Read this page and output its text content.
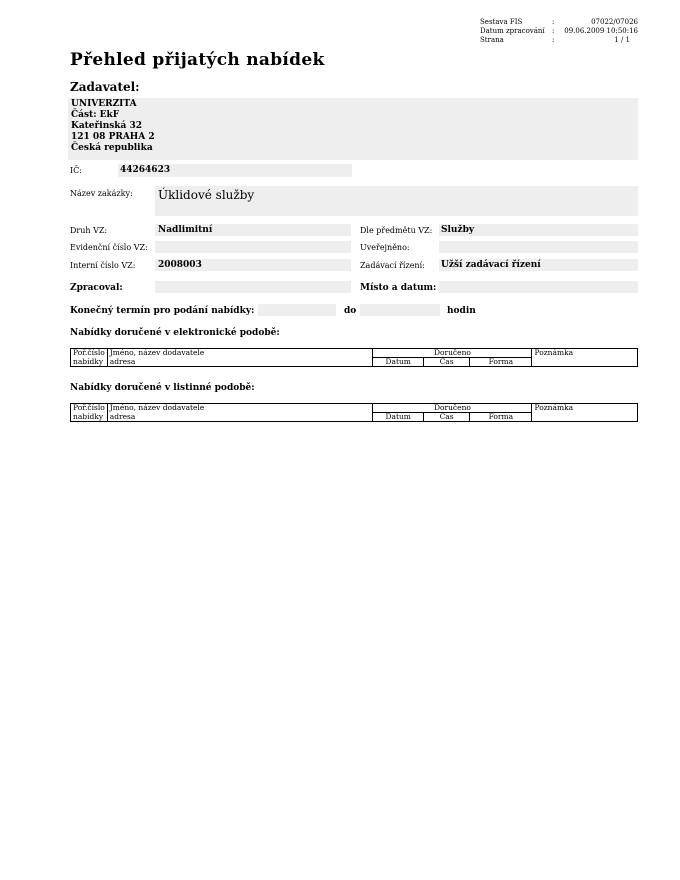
Sestava FIS	:	07022/07026
Datum zpracování : 09.06.2009 10:50:16
Strana	:	1 / 1
Přehled přijatých nabídek
Zadavatel:
UNIVERZITA
Část: EkF
Kateřinská 32
121 08 PRAHA 2
Česká republika
IČ:	44264623
Název zakázky: Úklidové služby
Druh VZ:	Nadlimitní	Dle předmětu VZ: Služby
Evidenční číslo VZ:	Uveřejněno:
Interní číslo VZ:	2008003	Zadávací řízení: Užší zadávací řízení
Zpracoval:	Místo a datum:
Konečný termín pro podání nabídky:	do	hodin
Nabídky doručené v elektronické podobě:
Poř.číslo	Jméno, název dodavatele	Doručeno			Poznámka
nabídky	adresa	Datum	Čas	Forma	
Nabídky doručené v listinné podobě:
Poř.číslo	Jméno, název dodavatele	Doručeno			Poznámka
nabídky	adresa	Datum	Čas	Forma	
